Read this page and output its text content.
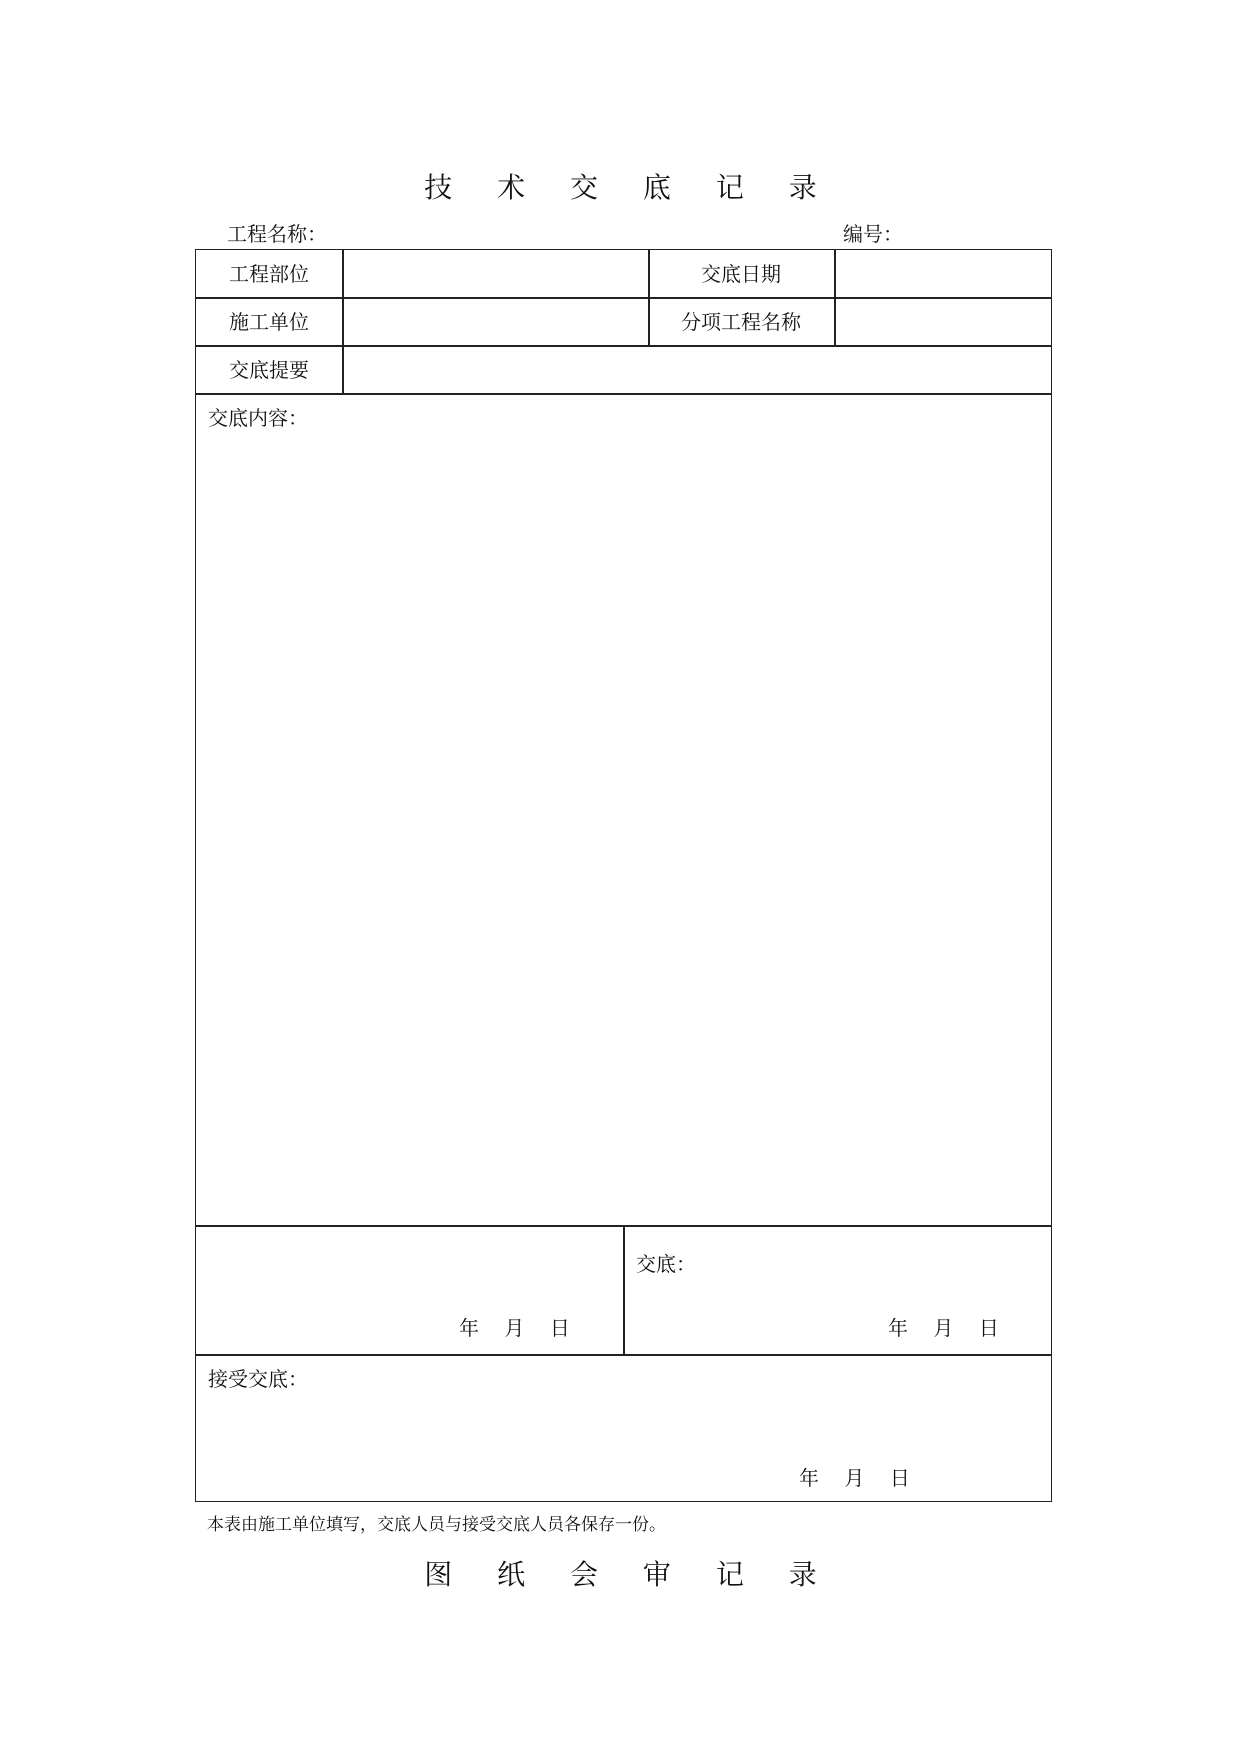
技 术 交 底 记 录
工程名称：	编号：
工程部位	交底日期
施工单位	分项工程名称
交底提要
交底内容：
年    月    日
交底：
年    月    日
接受交底：
年    月    日
本表由施工单位填写，交底人员与接受交底人员各保存一份。
图 纸 会 审 记 录
